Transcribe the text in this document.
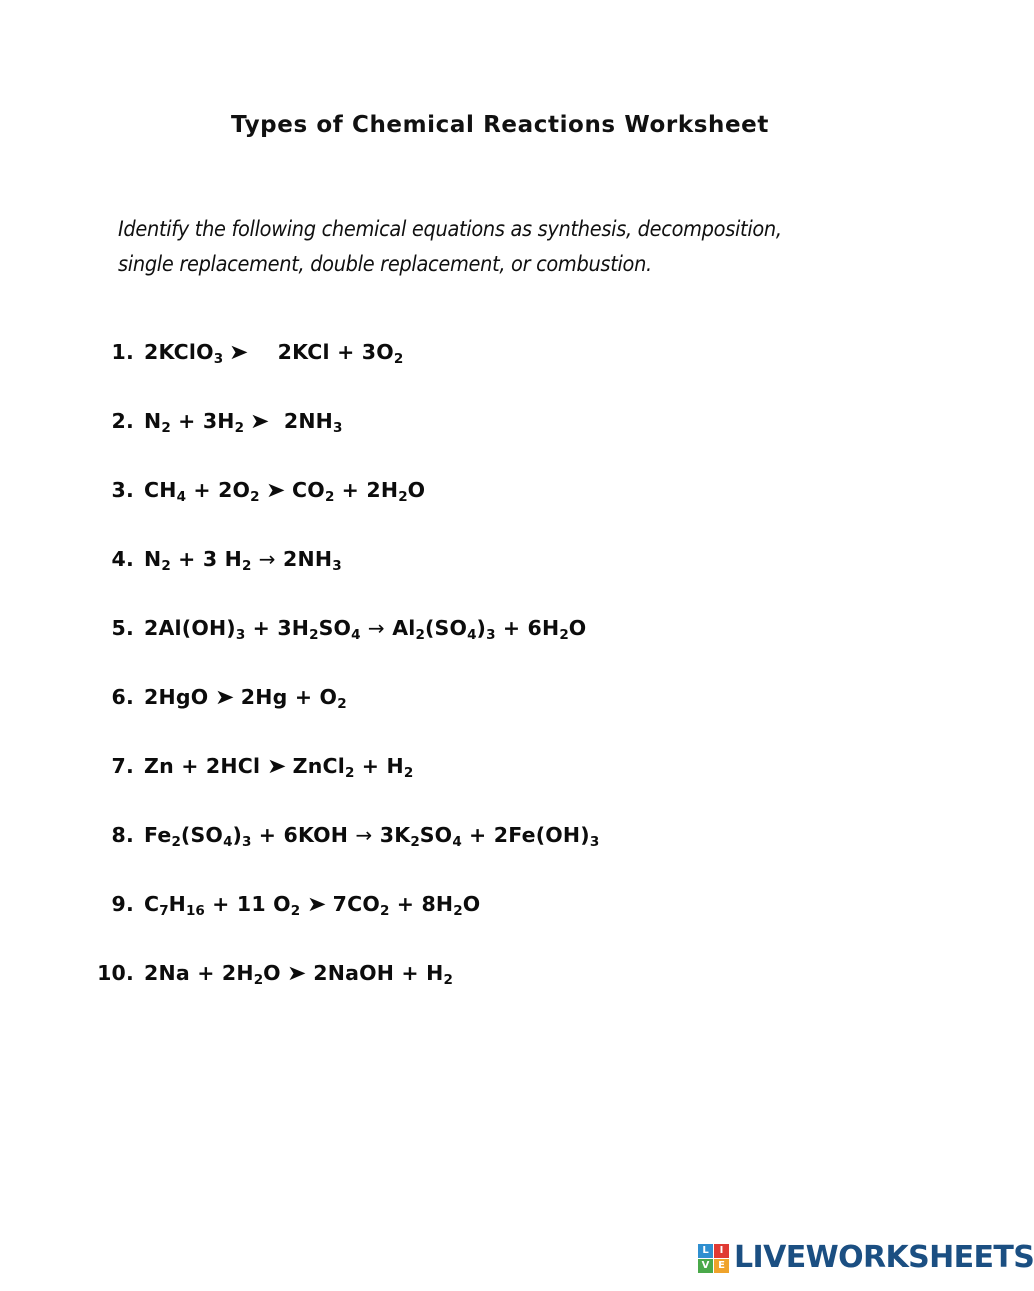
Types of Chemical Reactions Worksheet
Identify the following chemical equations as synthesis, decomposition,
single replacement, double replacement, or combustion.
1. 2KClO$_3$ ➤    $2KCl + 3O_2$
2. $N_2 + 3H_2$ ➤  $2NH_3$
3. $CH_4 + 2O_2$ ➤ $CO_2 + 2H_2O$
4. $N_2 + 3$ $H_2 \to 2NH_3$
5. $2Al(OH)_3 + 3H_2SO_4 \to Al_2(SO_4)_3 + 6H_2O$
6. 2HgO ➤ $2Hg + O_2$
7. Zn + 2HCl ➤ ZnCl$_2$ + $H_2$
8. $Fe_2(SO_4)_3 + 6KOH \to 3K_2SO_4 + 2Fe(OH)_3$
9. $C_7H_{16} + 11$ $O_2$ ➤ $7CO_2 + 8H_2O$
10. $2Na + 2H_2O$ ➤ 2NaOH + $H_2$
L	I
V E LIVEWORKSHEETS
